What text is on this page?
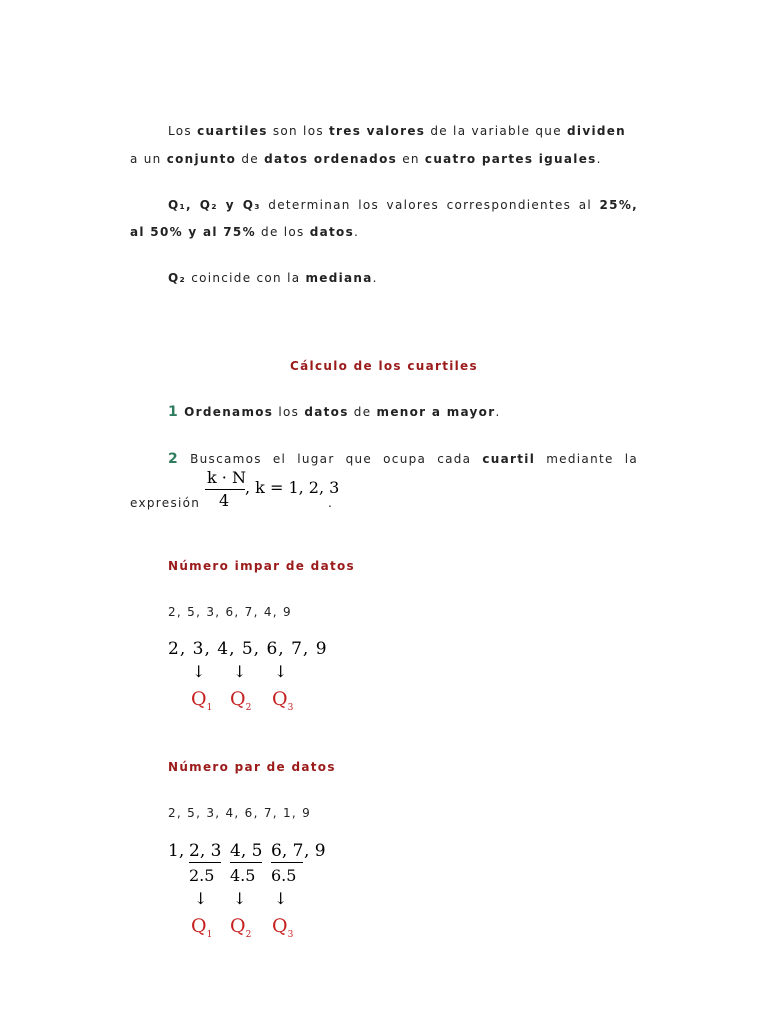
Los cuartiles son los tres valores de la variable que dividen
a un conjunto de datos ordenados en cuatro partes iguales.
Q₁, Q₂ y Q₃ determinan los valores correspondientes al 25%,
al 50% y al 75% de los datos.
Q₂ coincide con la mediana.
Cálculo de los cuartiles
1 Ordenamos los datos de menor a mayor.
2 Buscamos el lugar que ocupa cada cuartil mediante la
expresión
k · N
4
, k = 1, 2, 3
.
Número impar de datos
2, 5, 3, 6, 7, 4, 9
2, 3, 4, 5, 6, 7, 9
↓ ↓ ↓
$Q_1$ $Q_2$ $Q_3$
Número par de datos
2, 5, 3, 4, 6, 7, 1, 9
1, 2, 3 4, 5 6, 7 , 9
2.5 4.5 6.5
↓ ↓ ↓
$Q_1$ $Q_2$ $Q_3$
